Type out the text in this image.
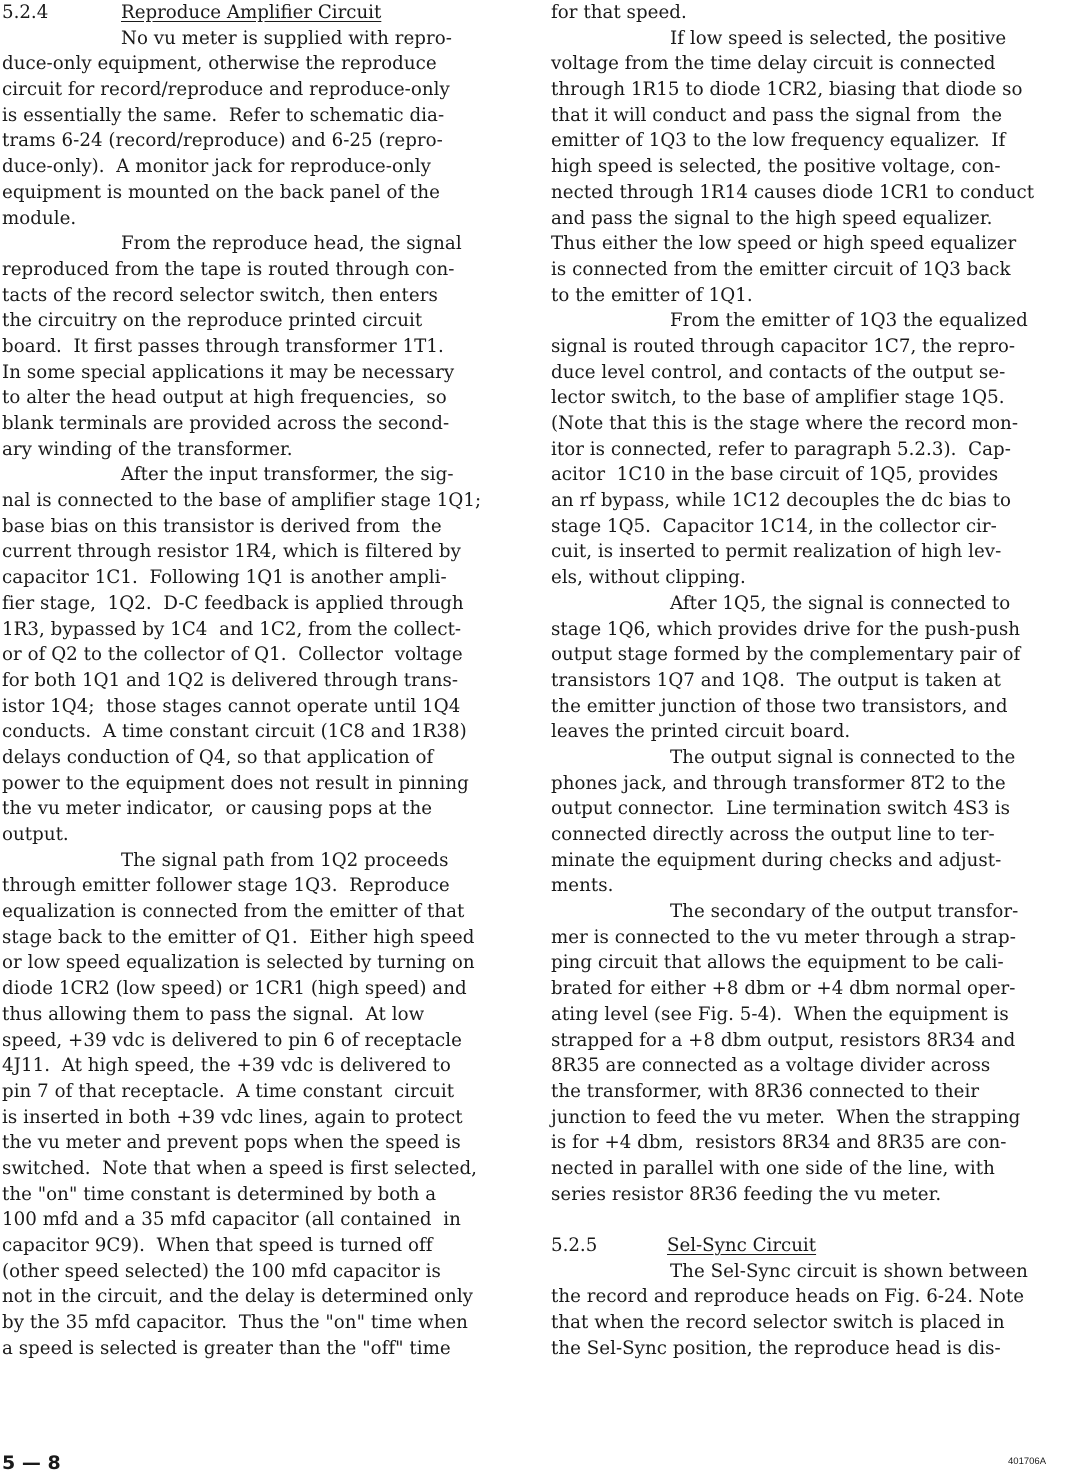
5.2.4	Reproduce Amplifier Circuit
No vu meter is supplied with repro-
duce-only equipment, otherwise the reproduce
circuit for record/reproduce and reproduce-only
is essentially the same.  Refer to schematic dia-
trams 6-24 (record/reproduce) and 6-25 (repro-
duce-only).  A monitor jack for reproduce-only
equipment is mounted on the back panel of the
module.
From the reproduce head, the signal
reproduced from the tape is routed through con-
tacts of the record selector switch, then enters
the circuitry on the reproduce printed circuit
board.  It first passes through transformer 1T1.
In some special applications it may be necessary
to alter the head output at high frequencies,  so
blank terminals are provided across the second-
ary winding of the transformer.
After the input transformer, the sig-
nal is connected to the base of amplifier stage 1Q1;
base bias on this transistor is derived from  the
current through resistor 1R4, which is filtered by
capacitor 1C1.  Following 1Q1 is another ampli-
fier stage,  1Q2.  D-C feedback is applied through
1R3, bypassed by 1C4  and 1C2, from the collect-
or of Q2 to the collector of Q1.  Collector  voltage
for both 1Q1 and 1Q2 is delivered through trans-
istor 1Q4;  those stages cannot operate until 1Q4
conducts.  A time constant circuit (1C8 and 1R38)
delays conduction of Q4, so that application of
power to the equipment does not result in pinning
the vu meter indicator,  or causing pops at the
output.
The signal path from 1Q2 proceeds
through emitter follower stage 1Q3.  Reproduce
equalization is connected from the emitter of that
stage back to the emitter of Q1.  Either high speed
or low speed equalization is selected by turning on
diode 1CR2 (low speed) or 1CR1 (high speed) and
thus allowing them to pass the signal.  At low
speed, +39 vdc is delivered to pin 6 of receptacle
4J11.  At high speed, the +39 vdc is delivered to
pin 7 of that receptacle.  A time constant  circuit
is inserted in both +39 vdc lines, again to protect
the vu meter and prevent pops when the speed is
switched.  Note that when a speed is first selected,
the "on" time constant is determined by both a
100 mfd and a 35 mfd capacitor (all contained  in
capacitor 9C9).  When that speed is turned off
(other speed selected) the 100 mfd capacitor is
not in the circuit, and the delay is determined only
by the 35 mfd capacitor.  Thus the "on" time when
a speed is selected is greater than the "off" time
for that speed.
If low speed is selected, the positive
voltage from the time delay circuit is connected
through 1R15 to diode 1CR2, biasing that diode so
that it will conduct and pass the signal from  the
emitter of 1Q3 to the low frequency equalizer.  If
high speed is selected, the positive voltage, con-
nected through 1R14 causes diode 1CR1 to conduct
and pass the signal to the high speed equalizer.
Thus either the low speed or high speed equalizer
is connected from the emitter circuit of 1Q3 back
to the emitter of 1Q1.
From the emitter of 1Q3 the equalized
signal is routed through capacitor 1C7, the repro-
duce level control, and contacts of the output se-
lector switch, to the base of amplifier stage 1Q5.
(Note that this is the stage where the record mon-
itor is connected, refer to paragraph 5.2.3).  Cap-
acitor  1C10 in the base circuit of 1Q5, provides
an rf bypass, while 1C12 decouples the dc bias to
stage 1Q5.  Capacitor 1C14, in the collector cir-
cuit, is inserted to permit realization of high lev-
els, without clipping.
After 1Q5, the signal is connected to
stage 1Q6, which provides drive for the push-push
output stage formed by the complementary pair of
transistors 1Q7 and 1Q8.  The output is taken at
the emitter junction of those two transistors, and
leaves the printed circuit board.
The output signal is connected to the
phones jack, and through transformer 8T2 to the
output connector.  Line termination switch 4S3 is
connected directly across the output line to ter-
minate the equipment during checks and adjust-
ments.
The secondary of the output transfor-
mer is connected to the vu meter through a strap-
ping circuit that allows the equipment to be cali-
brated for either +8 dbm or +4 dbm normal oper-
ating level (see Fig. 5-4).  When the equipment is
strapped for a +8 dbm output, resistors 8R34 and
8R35 are connected as a voltage divider across
the transformer, with 8R36 connected to their
junction to feed the vu meter.  When the strapping
is for +4 dbm,  resistors 8R34 and 8R35 are con-
nected in parallel with one side of the line, with
series resistor 8R36 feeding the vu meter.
5.2.5	Sel-Sync Circuit
The Sel-Sync circuit is shown between
the record and reproduce heads on Fig. 6-24. Note
that when the record selector switch is placed in
the Sel-Sync position, the reproduce head is dis-
5 — 8	401706A
